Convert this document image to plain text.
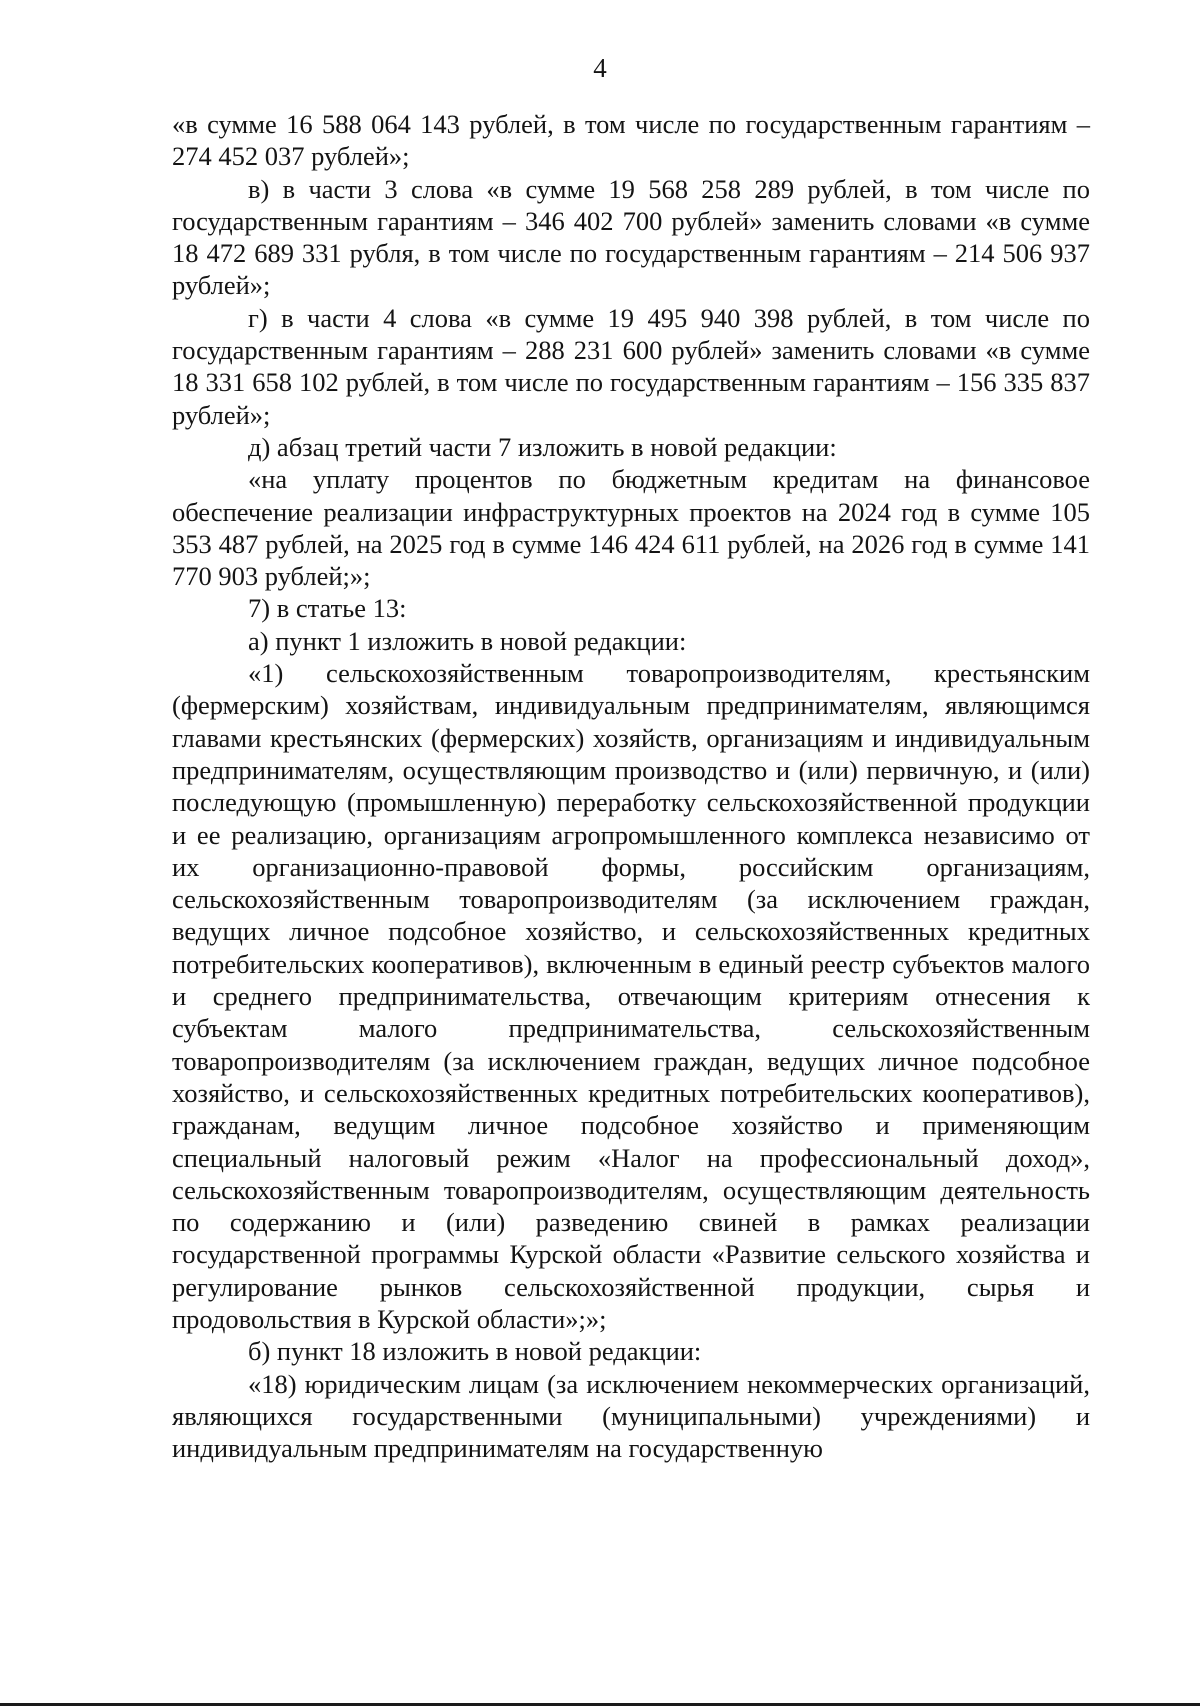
4

«в сумме 16 588 064 143 рублей, в том числе по государственным гарантиям – 274 452 037 рублей»;

в) в части 3 слова «в сумме 19 568 258 289 рублей, в том числе по государственным гарантиям – 346 402 700 рублей» заменить словами «в сумме 18 472 689 331 рубля, в том числе по государственным гарантиям – 214 506 937 рублей»;

г) в части 4 слова «в сумме 19 495 940 398 рублей, в том числе по государственным гарантиям – 288 231 600 рублей» заменить словами «в сумме 18 331 658 102 рублей, в том числе по государственным гарантиям – 156 335 837 рублей»;

д) абзац третий части 7 изложить в новой редакции:

«на уплату процентов по бюджетным кредитам на финансовое обеспечение реализации инфраструктурных проектов на 2024 год в сумме 105 353 487 рублей, на 2025 год в сумме 146 424 611 рублей, на 2026 год в сумме 141 770 903 рублей;»;

7) в статье 13:

а) пункт 1 изложить в новой редакции:

«1) сельскохозяйственным товаропроизводителям, крестьянским (фермерским) хозяйствам, индивидуальным предпринимателям, являющимся главами крестьянских (фермерских) хозяйств, организациям и индивидуальным предпринимателям, осуществляющим производство и (или) первичную, и (или) последующую (промышленную) переработку сельскохозяйственной продукции и ее реализацию, организациям агропромышленного комплекса независимо от их организационно-правовой формы, российским организациям, сельскохозяйственным товаропроизводителям (за исключением граждан, ведущих личное подсобное хозяйство, и сельскохозяйственных кредитных потребительских кооперативов), включенным в единый реестр субъектов малого и среднего предпринимательства, отвечающим критериям отнесения к субъектам малого предпринимательства, сельскохозяйственным товаропроизводителям (за исключением граждан, ведущих личное подсобное хозяйство, и сельскохозяйственных кредитных потребительских кооперативов), гражданам, ведущим личное подсобное хозяйство и применяющим специальный налоговый режим «Налог на профессиональный доход», сельскохозяйственным товаропроизводителям, осуществляющим деятельность по содержанию и (или) разведению свиней в рамках реализации государственной программы Курской области «Развитие сельского хозяйства и регулирование рынков сельскохозяйственной продукции, сырья и продовольствия в Курской области»;»;

б) пункт 18 изложить в новой редакции:

«18) юридическим лицам (за исключением некоммерческих организаций, являющихся государственными (муниципальными) учреждениями) и индивидуальным предпринимателям на государственную
